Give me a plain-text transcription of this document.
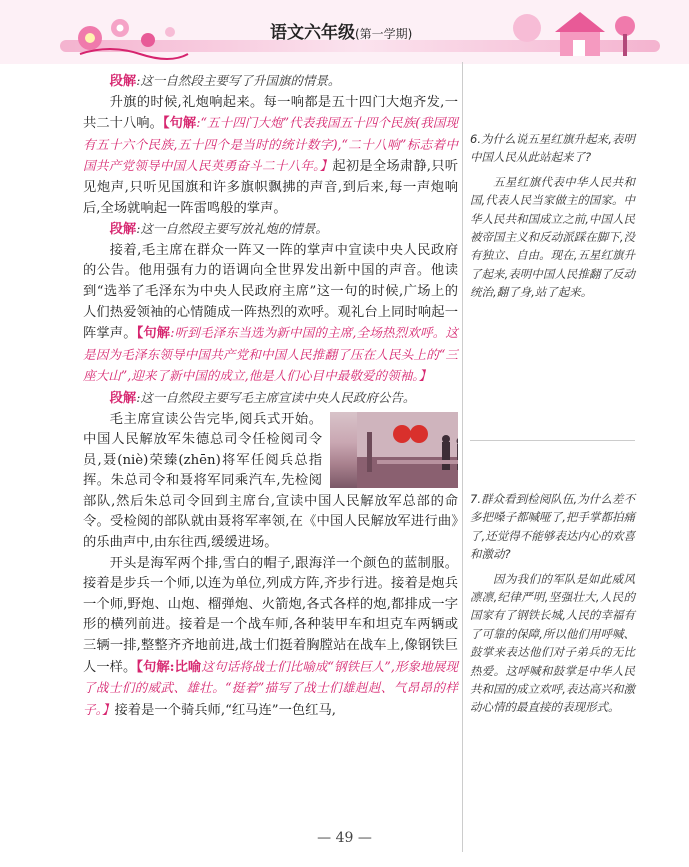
语文六年级(第一学期)

段解:这一自然段主要写了升国旗的情景。

升旗的时候,礼炮响起来。每一响都是五十四门大炮齐发,一共二十八响。【句解:“五十四门大炮”代表我国五十四个民族(我国现有五十六个民族,五十四个是当时的统计数字),“二十八响”标志着中国共产党领导中国人民英勇奋斗二十八年。】起初是全场肃静,只听见炮声,只听见国旗和许多旗帜飘拂的声音,到后来,每一声炮响后,全场就响起一阵雷鸣般的掌声。

段解:这一自然段主要写放礼炮的情景。

接着,毛主席在群众一阵又一阵的掌声中宣读中央人民政府的公告。他用强有力的语调向全世界发出新中国的声音。他读到“选举了毛泽东为中央人民政府主席”这一句的时候,广场上的人们热爱领袖的心情随成一阵热烈的欢呼。观礼台上同时响起一阵掌声。【句解:听到毛泽东当选为新中国的主席,全场热烈欢呼。这是因为毛泽东领导中国共产党和中国人民推翻了压在人民头上的“三座大山”,迎来了新中国的成立,他是人们心目中最敬爱的领袖。】

段解:这一自然段主要写毛主席宣读中央人民政府公告。

毛主席宣读公告完毕,阅兵式开始。中国人民解放军朱德总司令任检阅司令员,聂(niè)荣臻(zhēn)将军任阅兵总指挥。朱总司令和聂将军同乘汽车,先检阅部队,然后朱总司令回到主席台,宣读中国人民解放军总部的命令。受检阅的部队就由聂将军率领,在《中国人民解放军进行曲》的乐曲声中,由东往西,缓缓进场。

开头是海军两个排,雪白的帽子,跟海洋一个颜色的蓝制服。接着是步兵一个师,以连为单位,列成方阵,齐步行进。接着是炮兵一个师,野炮、山炮、榴弹炮、火箭炮,各式各样的炮,都排成一字形的横列前进。接着是一个战车师,各种装甲车和坦克车两辆或三辆一排,整整齐齐地前进,战士们挺着胸膛站在战车上,像钢铁巨人一样。【句解:比喻这句话将战士们比喻成“钢铁巨人”,形象地展现了战士们的威武、雄壮。“挺着”描写了战士们雄赳赳、气昂昂的样子。】接着是一个骑兵师,“红马连”一色红马,

6.为什么说五星红旗升起来,表明中国人民从此站起来了?

五星红旗代表中华人民共和国,代表人民当家做主的国家。中华人民共和国成立之前,中国人民被帝国主义和反动派踩在脚下,没有独立、自由。现在,五星红旗升了起来,表明中国人民推翻了反动统治,翻了身,站了起来。

7.群众看到检阅队伍,为什么差不多把嗓子都喊哑了,把手掌都拍痛了,还觉得不能够表达内心的欢喜和激动?

因为我们的军队是如此威风凛凛,纪律严明,坚强壮大,人民的国家有了钢铁长城,人民的幸福有了可靠的保障,所以他们用呼喊、鼓掌来表达他们对子弟兵的无比热爱。这呼喊和鼓掌是中华人民共和国的成立欢呼,表达高兴和激动心情的最直接的表现形式。

— 49 —
